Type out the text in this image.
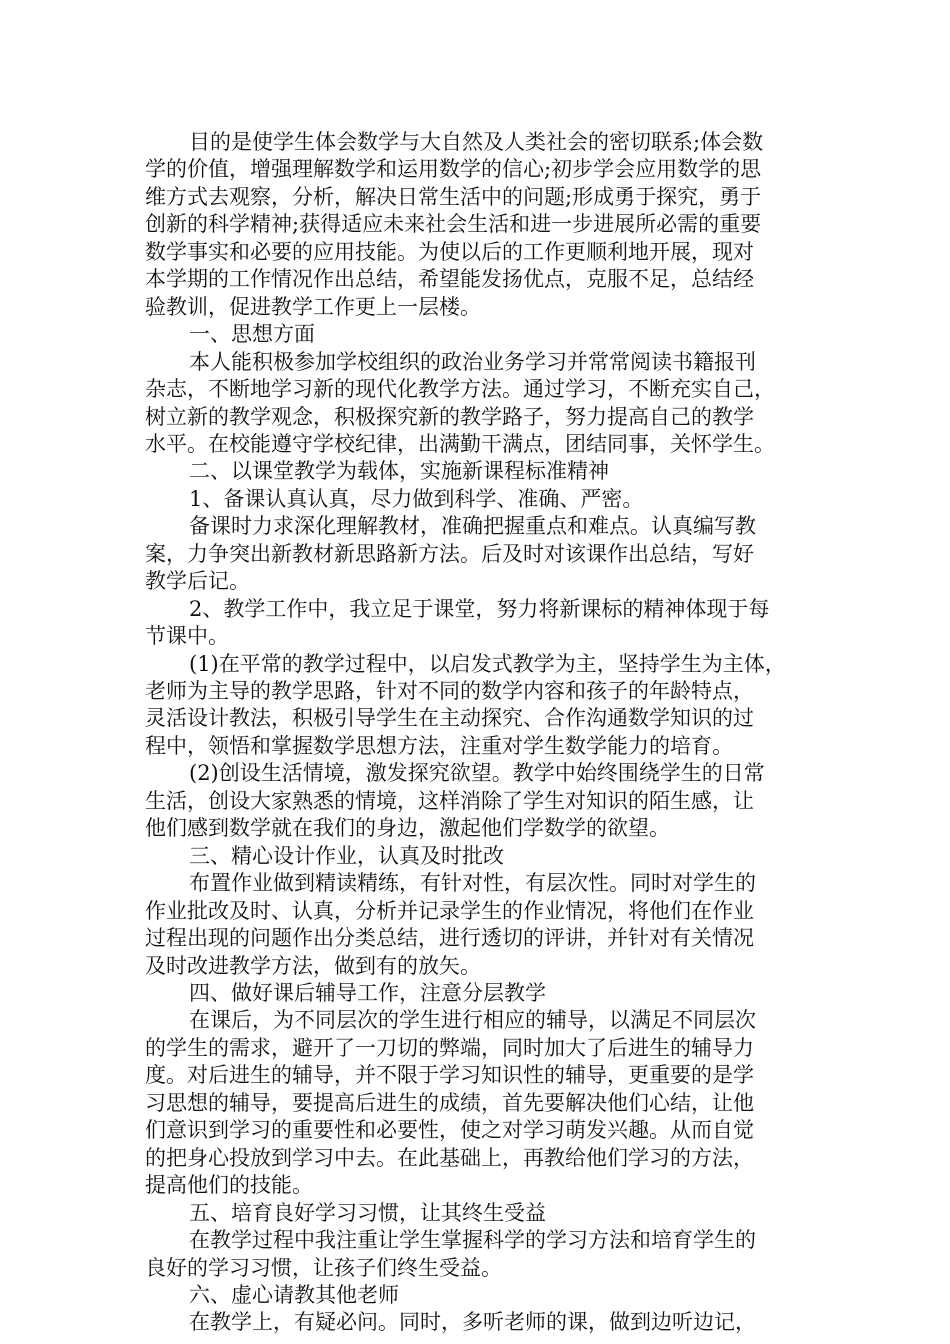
目的是使学生体会数学与大自然及人类社会的密切联系;体会数
学的价值，增强理解数学和运用数学的信心;初步学会应用数学的思
维方式去观察，分析，解决日常生活中的问题;形成勇于探究，勇于
创新的科学精神;获得适应未来社会生活和进一步进展所必需的重要
数学事实和必要的应用技能。为使以后的工作更顺利地开展，现对
本学期的工作情况作出总结，希望能发扬优点，克服不足，总结经
验教训，促进教学工作更上一层楼。
一、思想方面
本人能积极参加学校组织的政治业务学习并常常阅读书籍报刊
杂志，不断地学习新的现代化教学方法。通过学习，不断充实自己，
树立新的教学观念，积极探究新的教学路子，努力提高自己的教学
水平。在校能遵守学校纪律，出满勤干满点，团结同事，关怀学生。
二、以课堂教学为载体，实施新课程标准精神
1、备课认真认真，尽力做到科学、准确、严密。
备课时力求深化理解教材，准确把握重点和难点。认真编写教
案，力争突出新教材新思路新方法。后及时对该课作出总结，写好
教学后记。
2、教学工作中，我立足于课堂，努力将新课标的精神体现于每
节课中。
(1)在平常的教学过程中，以启发式教学为主，坚持学生为主体，
老师为主导的教学思路，针对不同的数学内容和孩子的年龄特点，
灵活设计教法，积极引导学生在主动探究、合作沟通数学知识的过
程中，领悟和掌握数学思想方法，注重对学生数学能力的培育。
(2)创设生活情境，激发探究欲望。教学中始终围绕学生的日常
生活，创设大家熟悉的情境，这样消除了学生对知识的陌生感，让
他们感到数学就在我们的身边，激起他们学数学的欲望。
三、精心设计作业，认真及时批改
布置作业做到精读精练，有针对性，有层次性。同时对学生的
作业批改及时、认真，分析并记录学生的作业情况，将他们在作业
过程出现的问题作出分类总结，进行透切的评讲，并针对有关情况
及时改进教学方法，做到有的放矢。
四、做好课后辅导工作，注意分层教学
在课后，为不同层次的学生进行相应的辅导，以满足不同层次
的学生的需求，避开了一刀切的弊端，同时加大了后进生的辅导力
度。对后进生的辅导，并不限于学习知识性的辅导，更重要的是学
习思想的辅导，要提高后进生的成绩，首先要解决他们心结，让他
们意识到学习的重要性和必要性，使之对学习萌发兴趣。从而自觉
的把身心投放到学习中去。在此基础上，再教给他们学习的方法，
提高他们的技能。
五、培育良好学习习惯，让其终生受益
在教学过程中我注重让学生掌握科学的学习方法和培育学生的
良好的学习习惯，让孩子们终生受益。
六、虚心请教其他老师
在教学上，有疑必问。同时，多听老师的课，做到边听边记，
